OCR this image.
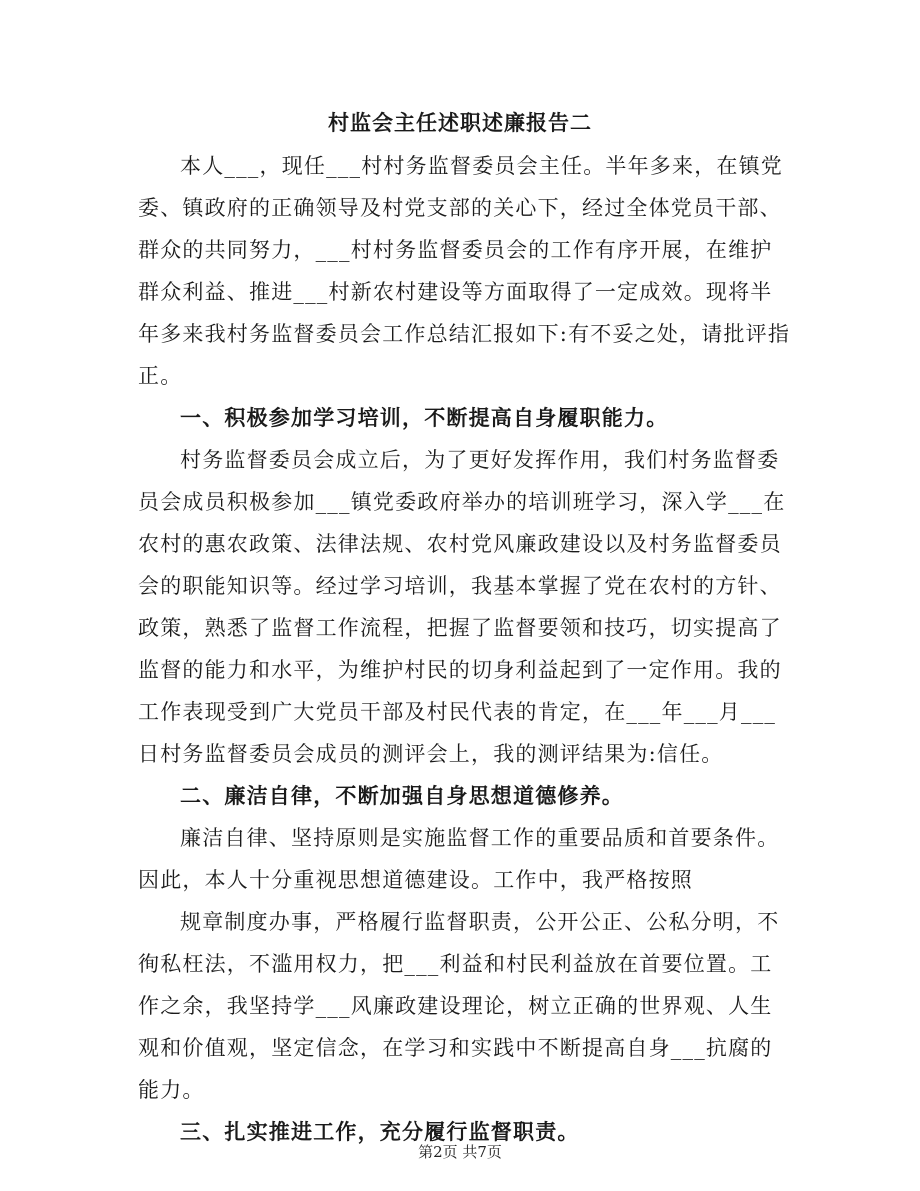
村监会主任述职述廉报告二

本人___，现任___村村务监督委员会主任。半年多来，在镇党委、镇政府的正确领导及村党支部的关心下，经过全体党员干部、群众的共同努力，___村村务监督委员会的工作有序开展，在维护群众利益、推进___村新农村建设等方面取得了一定成效。现将半年多来我村务监督委员会工作总结汇报如下:有不妥之处，请批评指正。

一、积极参加学习培训，不断提高自身履职能力。

村务监督委员会成立后，为了更好发挥作用，我们村务监督委员会成员积极参加___镇党委政府举办的培训班学习，深入学___在农村的惠农政策、法律法规、农村党风廉政建设以及村务监督委员会的职能知识等。经过学习培训，我基本掌握了党在农村的方针、政策，熟悉了监督工作流程，把握了监督要领和技巧，切实提高了监督的能力和水平，为维护村民的切身利益起到了一定作用。我的工作表现受到广大党员干部及村民代表的肯定，在___年___月___日村务监督委员会成员的测评会上，我的测评结果为:信任。

二、廉洁自律，不断加强自身思想道德修养。

廉洁自律、坚持原则是实施监督工作的重要品质和首要条件。因此，本人十分重视思想道德建设。工作中，我严格按照

规章制度办事，严格履行监督职责，公开公正、公私分明，不徇私枉法，不滥用权力，把___利益和村民利益放在首要位置。工作之余，我坚持学___风廉政建设理论，树立正确的世界观、人生观和价值观，坚定信念，在学习和实践中不断提高自身___抗腐的能力。

三、扎实推进工作，充分履行监督职责。

第2页 共7页
